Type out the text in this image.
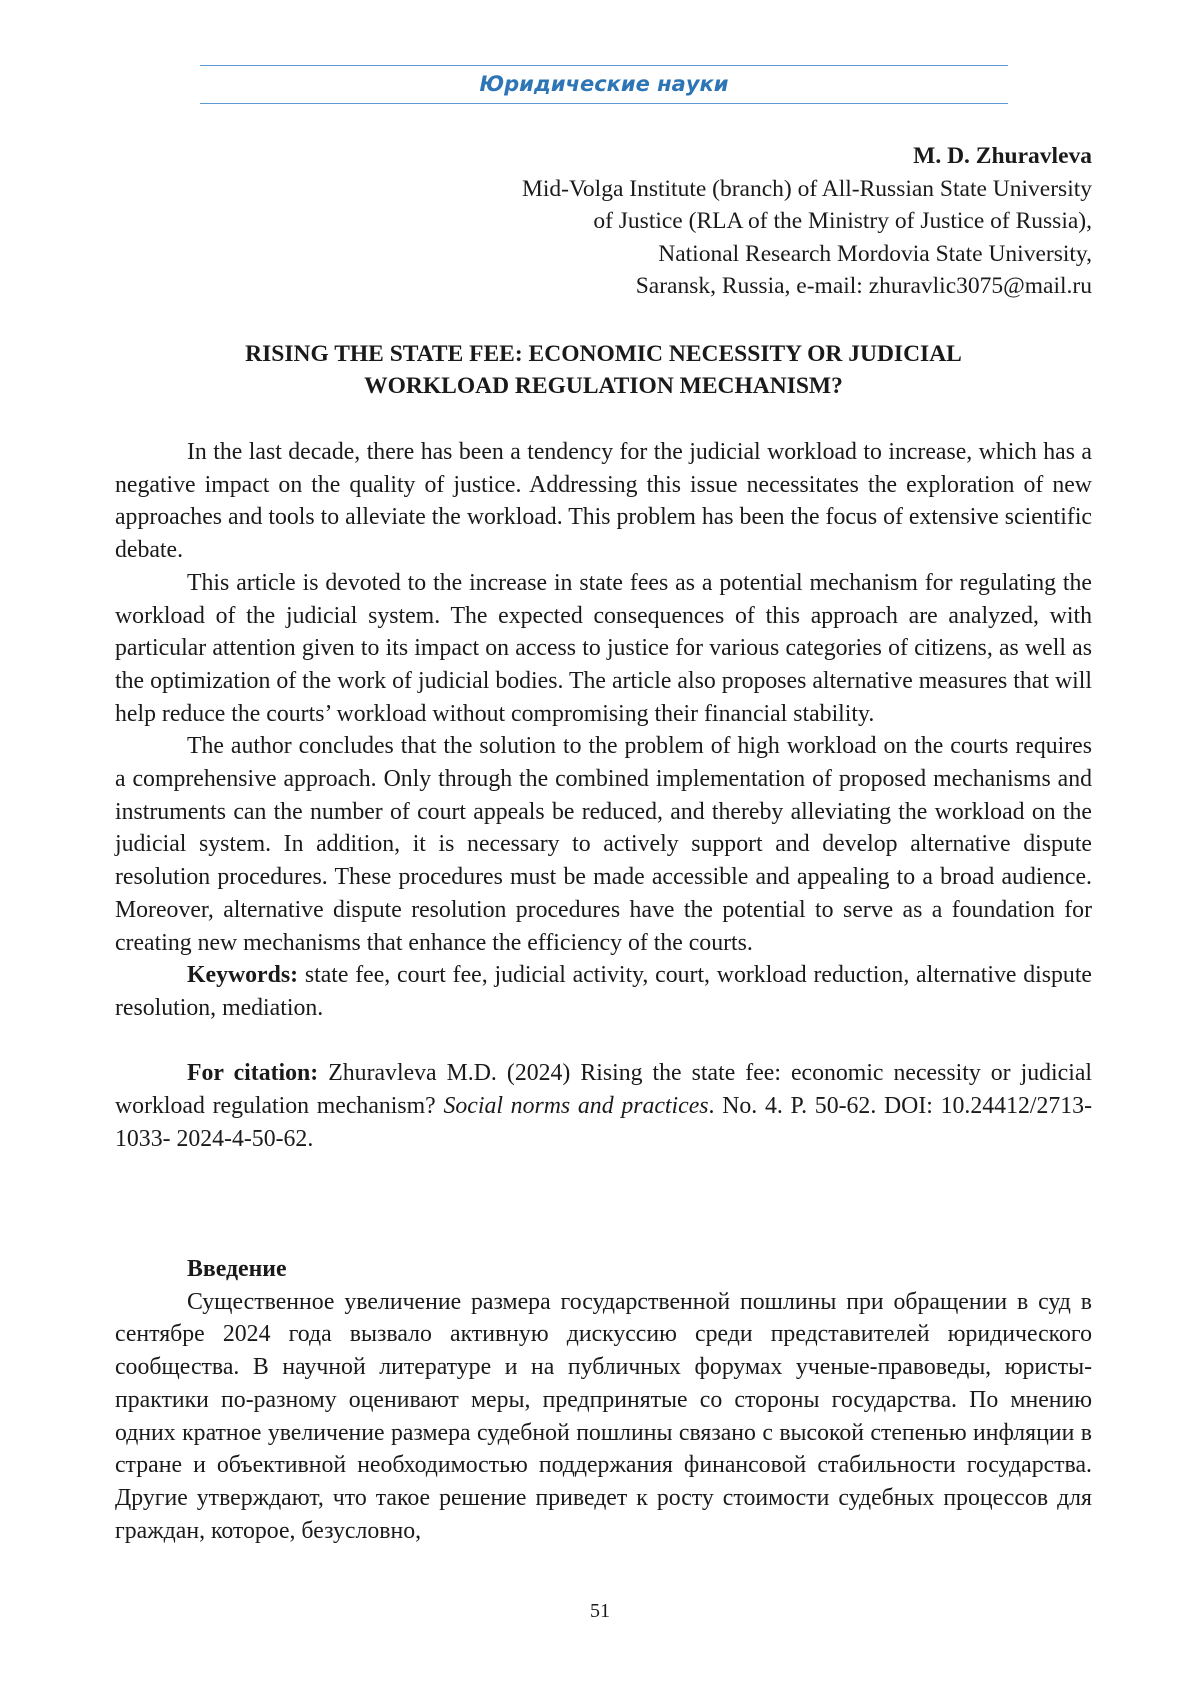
Юридические науки
M. D. Zhuravleva
Mid-Volga Institute (branch) of All-Russian State University
of Justice (RLA of the Ministry of Justice of Russia),
National Research Mordovia State University,
Saransk, Russia, e-mail: zhuravlic3075@mail.ru
RISING THE STATE FEE: ECONOMIC NECESSITY OR JUDICIAL
WORKLOAD REGULATION MECHANISM?

In the last decade, there has been a tendency for the judicial workload to increase, which has a negative impact on the quality of justice. Addressing this issue necessitates the exploration of new approaches and tools to alleviate the workload. This problem has been the focus of extensive scientific debate.

This article is devoted to the increase in state fees as a potential mechanism for regulating the workload of the judicial system. The expected consequences of this approach are analyzed, with particular attention given to its impact on access to justice for various categories of citizens, as well as the optimization of the work of judicial bodies. The article also proposes alternative measures that will help reduce the courts’ workload without compromising their financial stability.

The author concludes that the solution to the problem of high workload on the courts requires a comprehensive approach. Only through the combined implementation of proposed mechanisms and instruments can the number of court appeals be reduced, and thereby alleviating the workload on the judicial system. In addition, it is necessary to actively support and develop alternative dispute resolution procedures. These procedures must be made accessible and appealing to a broad audience. Moreover, alternative dispute resolution procedures have the potential to serve as a foundation for creating new mechanisms that enhance the efficiency of the courts.

Keywords: state fee, court fee, judicial activity, court, workload reduction, alternative dispute resolution, mediation.

For citation: Zhuravleva M.D. (2024) Rising the state fee: economic necessity or judicial workload regulation mechanism? Social norms and practices. No. 4. P. 50-62. DOI: 10.24412/2713-1033- 2024-4-50-62.

Введение

Существенное увеличение размера государственной пошлины при обращении в суд в сентябре 2024 года вызвало активную дискуссию среди представителей юридического сообщества. В научной литературе и на публичных форумах ученые-правоведы, юристы-практики по-разному оценивают меры, предпринятые со стороны государства. По мнению одних кратное увеличение размера судебной пошлины связано с высокой степенью инфляции в стране и объективной необходимостью поддержания финансовой стабильности государства. Другие утверждают, что такое решение приведет к росту стоимости судебных процессов для граждан, которое, безусловно,

51
